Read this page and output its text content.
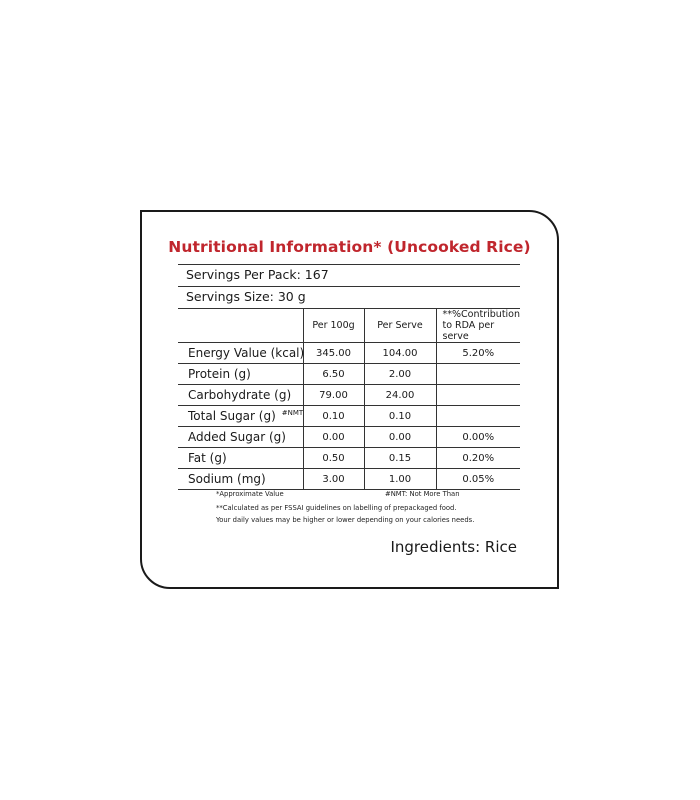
Nutritional Information* (Uncooked Rice)
Servings Per Pack: 167
Servings Size: 30 g
	Per 100g	Per Serve	**%Contribution to RDA per serve
Energy Value (kcal)	345.00	104.00	5.20%
Protein (g)	6.50	2.00	
Carbohydrate (g)	79.00	24.00	
Total Sugar (g) $^{\#NMT}$	0.10	0.10	
Added Sugar (g)	0.00	0.00	0.00%
Fat (g)	0.50	0.15	0.20%
Sodium (mg)	3.00	1.00	0.05%
*Approximate Value	#NMT: Not More Than
**Calculated as per FSSAI guidelines on labelling of prepackaged food.
Your daily values may be higher or lower depending on your calories needs.
Ingredients: Rice
